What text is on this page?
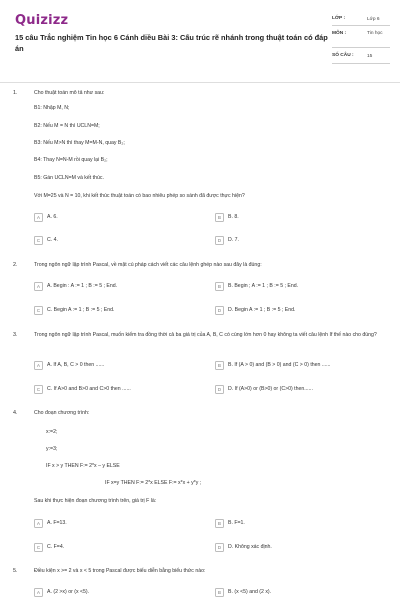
Quizizz
15 câu Trắc nghiệm Tin học 6 Cánh diều Bài 3: Cấu trúc rẽ nhánh trong thuật toán có đáp án
LỚP :	Lớp 6
MÔN :	Tin học
SỐ CÂU :	15
1.	Cho thuật toán mô tả như sau:
B1: Nhập M, N;
B2: Nếu M = N thì UCLN=M;
B3: Nếu M>N thì thay M=M-N, quay B₂;
B4: Thay N=N-M rồi quay lại B₂;
B5: Gán UCLN=M và kết thúc.
Với M=25 và N = 10, khi kết thúc thuật toán có bao nhiêu phép so sánh đã được thực hiện?
A	A. 6.	B	B. 8.
C	C. 4.	D	D. 7.
2.	Trong ngôn ngữ lập trình Pascal, về mặt cú pháp cách viết các câu lệnh ghép nào sau đây là đúng:
A	A. Begin : A := 1 ; B := 5 ; End.	B	B. Begin ; A := 1 ; B := 5 ; End.
C	C. Begin A := 1 ; B := 5 ; End.	D	D. Begin A := 1 ; B := 5 ; End.
3.	Trong ngôn ngữ lập trình Pascal, muốn kiểm tra đồng thời cả ba giá trị của A, B, C có cùng lớn hơn 0 hay không ta viết câu lệnh If thế nào cho đúng?
A	A. If A, B, C > 0 then ......	B	B. If (A > 0) and (B > 0) and (C > 0) then ......
C	C. If A>0 and B>0 and C>0 then ......	D	D. If (A>0) or (B>0) or (C>0) then......
4.	Cho đoạn chương trình:
x:=2;
y:=3;
IF x > y THEN F:= 2*x – y ELSE
IF x=y THEN F:= 2*x ELSE F:= x*x + y*y ;
Sau khi thực hiện đoạn chương trình trên, giá trị F là:
A	A. F=13.	B	B. F=1.
C	C. F=4.	D	D. Không xác định.
5.	Điều kiện x >= 2 và x < 5 trong Pascal được biểu diễn bằng biểu thức nào:
A	A. (2 >x) or (x <5).	B	B. (x <5) and (2 x).
